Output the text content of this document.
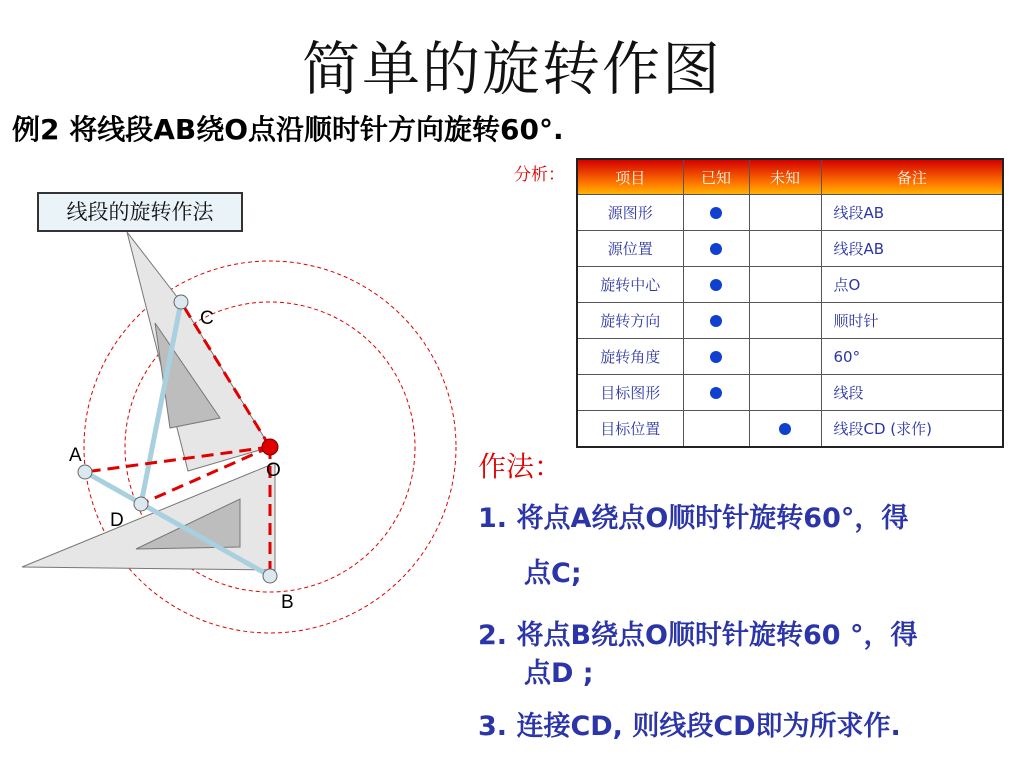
简单的旋转作图
例2 将线段AB绕O点沿顺时针方向旋转60°.
A
B
C
D
O
线段的旋转作法
分析：	项目	已知	未知	备注
源图形			线段AB
源位置			线段AB
旋转中心			点O
旋转方向			顺时针
旋转角度			60°
目标图形			线段
目标位置			线段CD (求作)
作法：
1. 将点A绕点O顺时针旋转60°，得
点C;
2. 将点B绕点O顺时针旋转60 °，得
点D ;
3. 连接CD, 则线段CD即为所求作.
